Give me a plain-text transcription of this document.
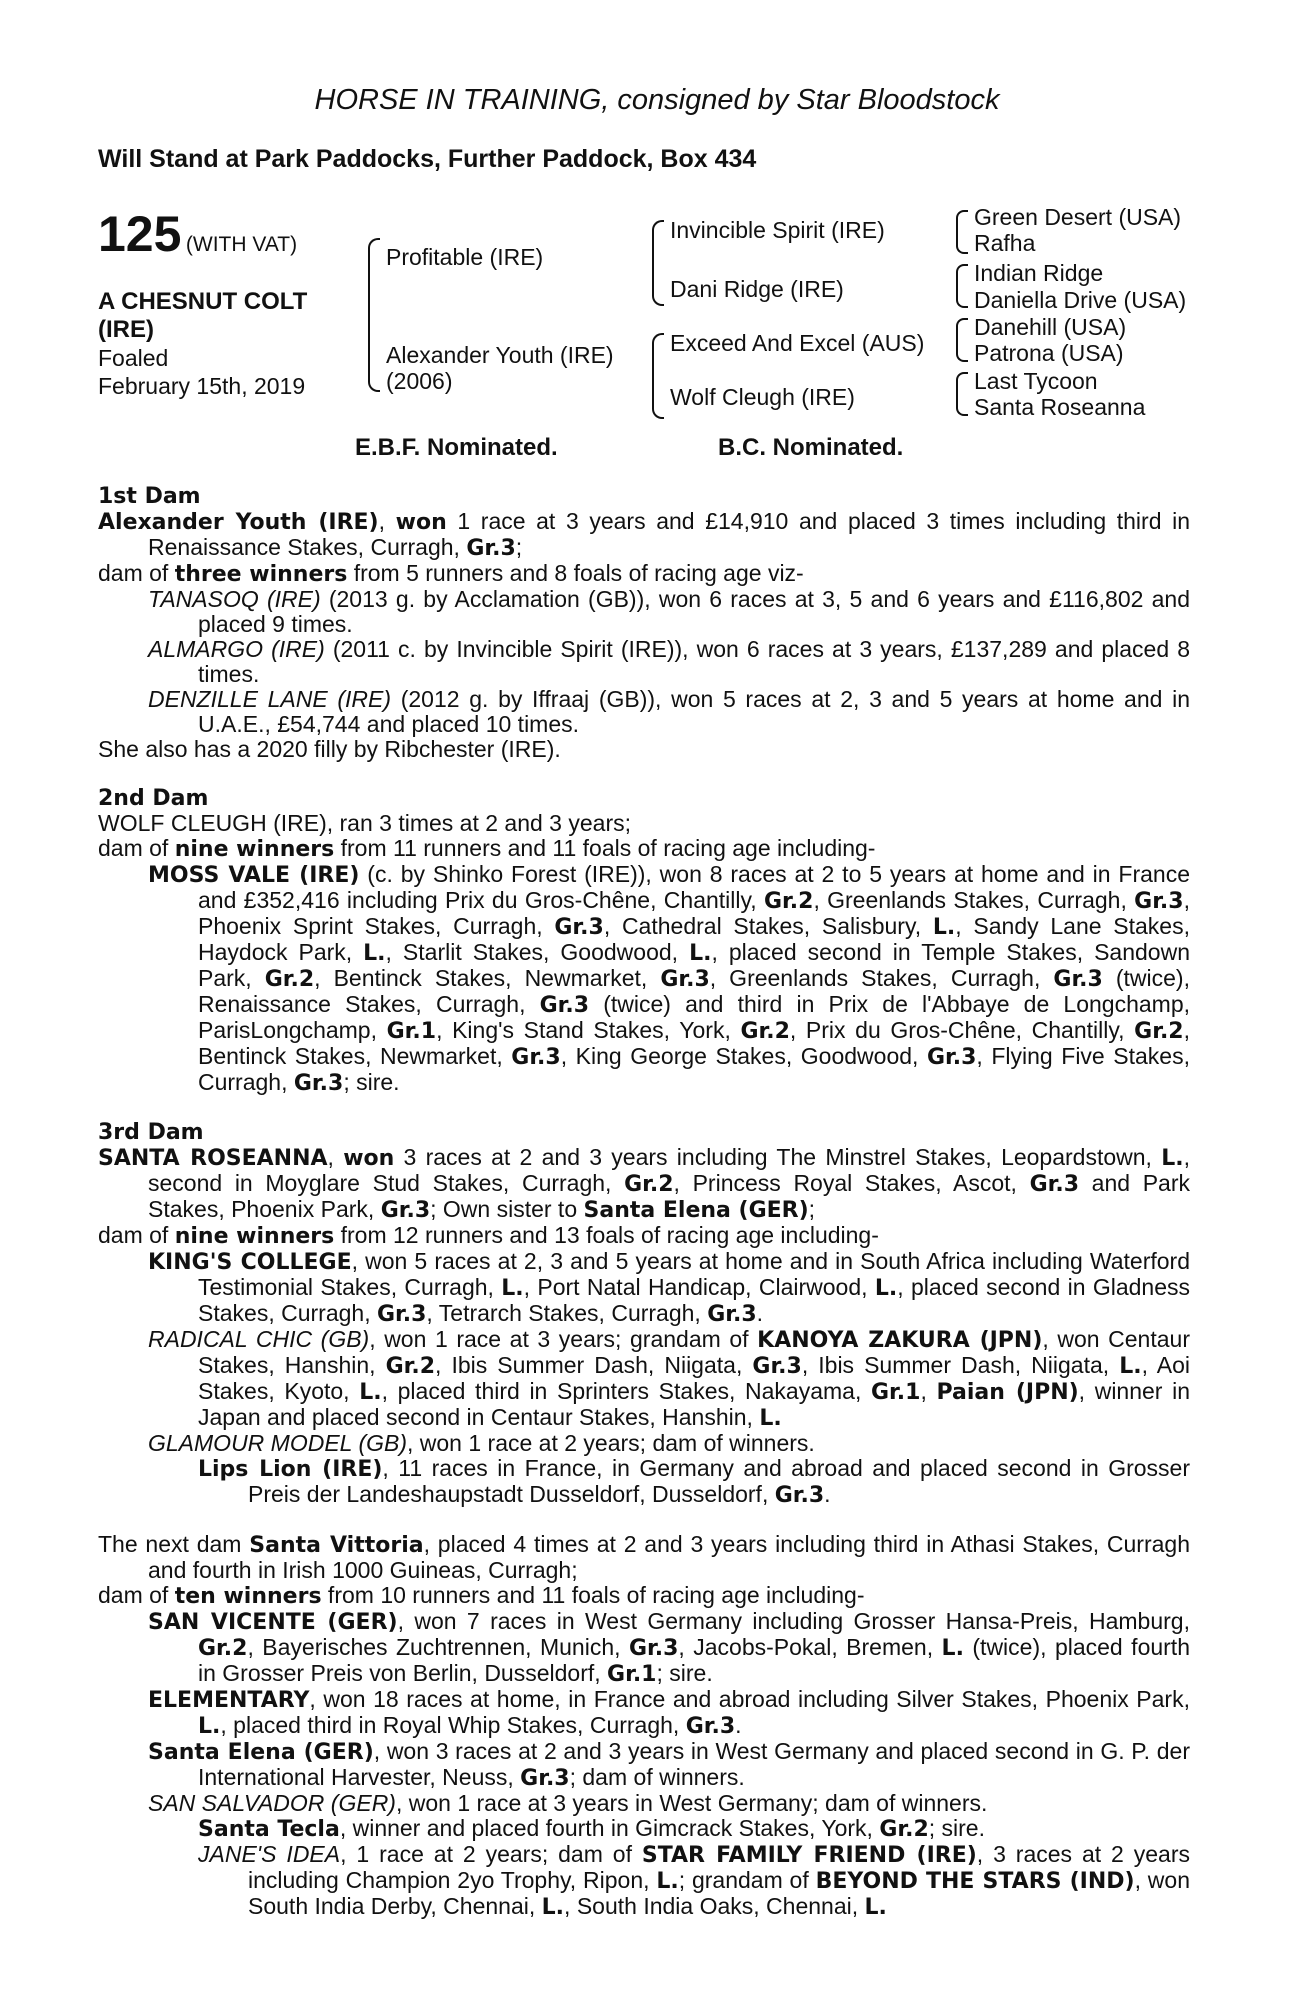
HORSE IN TRAINING, consigned by Star Bloodstock
Will Stand at Park Paddocks, Further Paddock, Box 434
125 (WITH VAT)
A CHESNUT COLT
(IRE)
Foaled
February 15th, 2019
Profitable (IRE)
Alexander Youth (IRE)
(2006)
Invincible Spirit (IRE)
Dani Ridge (IRE)
Exceed And Excel (AUS)
Wolf Cleugh (IRE)
Green Desert (USA)
Rafha
Indian Ridge
Daniella Drive (USA)
Danehill (USA)
Patrona (USA)
Last Tycoon
Santa Roseanna
E.B.F. Nominated.	B.C. Nominated.
1st Dam

Alexander Youth (IRE), won 1 race at 3 years and £14,910 and placed 3 times including third in Renaissance Stakes, Curragh, Gr.3;

dam of three winners from 5 runners and 8 foals of racing age viz-

TANASOQ (IRE) (2013 g. by Acclamation (GB)), won 6 races at 3, 5 and 6 years and £116,802 and placed 9 times.

ALMARGO (IRE) (2011 c. by Invincible Spirit (IRE)), won 6 races at 3 years, £137,289 and placed 8 times.

DENZILLE LANE (IRE) (2012 g. by Iffraaj (GB)), won 5 races at 2, 3 and 5 years at home and in U.A.E., £54,744 and placed 10 times.

She also has a 2020 filly by Ribchester (IRE).

2nd Dam

WOLF CLEUGH (IRE), ran 3 times at 2 and 3 years;

dam of nine winners from 11 runners and 11 foals of racing age including-

MOSS VALE (IRE) (c. by Shinko Forest (IRE)), won 8 races at 2 to 5 years at home and in France and £352,416 including Prix du Gros-Chêne, Chantilly, Gr.2, Greenlands Stakes, Curragh, Gr.3, Phoenix Sprint Stakes, Curragh, Gr.3, Cathedral Stakes, Salisbury, L., Sandy Lane Stakes, Haydock Park, L., Starlit Stakes, Goodwood, L., placed second in Temple Stakes, Sandown Park, Gr.2, Bentinck Stakes, Newmarket, Gr.3, Greenlands Stakes, Curragh, Gr.3 (twice), Renaissance Stakes, Curragh, Gr.3 (twice) and third in Prix de l'Abbaye de Longchamp, ParisLongchamp, Gr.1, King's Stand Stakes, York, Gr.2, Prix du Gros-Chêne, Chantilly, Gr.2, Bentinck Stakes, Newmarket, Gr.3, King George Stakes, Goodwood, Gr.3, Flying Five Stakes, Curragh, Gr.3; sire.

3rd Dam

SANTA ROSEANNA, won 3 races at 2 and 3 years including The Minstrel Stakes, Leopardstown, L., second in Moyglare Stud Stakes, Curragh, Gr.2, Princess Royal Stakes, Ascot, Gr.3 and Park Stakes, Phoenix Park, Gr.3; Own sister to Santa Elena (GER);

dam of nine winners from 12 runners and 13 foals of racing age including-

KING'S COLLEGE, won 5 races at 2, 3 and 5 years at home and in South Africa including Waterford Testimonial Stakes, Curragh, L., Port Natal Handicap, Clairwood, L., placed second in Gladness Stakes, Curragh, Gr.3, Tetrarch Stakes, Curragh, Gr.3.

RADICAL CHIC (GB), won 1 race at 3 years; grandam of KANOYA ZAKURA (JPN), won Centaur Stakes, Hanshin, Gr.2, Ibis Summer Dash, Niigata, Gr.3, Ibis Summer Dash, Niigata, L., Aoi Stakes, Kyoto, L., placed third in Sprinters Stakes, Nakayama, Gr.1, Paian (JPN), winner in Japan and placed second in Centaur Stakes, Hanshin, L.

GLAMOUR MODEL (GB), won 1 race at 2 years; dam of winners.

Lips Lion (IRE), 11 races in France, in Germany and abroad and placed second in Grosser Preis der Landeshaupstadt Dusseldorf, Dusseldorf, Gr.3.

The next dam Santa Vittoria, placed 4 times at 2 and 3 years including third in Athasi Stakes, Curragh and fourth in Irish 1000 Guineas, Curragh;

dam of ten winners from 10 runners and 11 foals of racing age including-

SAN VICENTE (GER), won 7 races in West Germany including Grosser Hansa-Preis, Hamburg, Gr.2, Bayerisches Zuchtrennen, Munich, Gr.3, Jacobs-Pokal, Bremen, L. (twice), placed fourth in Grosser Preis von Berlin, Dusseldorf, Gr.1; sire.

ELEMENTARY, won 18 races at home, in France and abroad including Silver Stakes, Phoenix Park, L., placed third in Royal Whip Stakes, Curragh, Gr.3.

Santa Elena (GER), won 3 races at 2 and 3 years in West Germany and placed second in G. P. der International Harvester, Neuss, Gr.3; dam of winners.

SAN SALVADOR (GER), won 1 race at 3 years in West Germany; dam of winners.

Santa Tecla, winner and placed fourth in Gimcrack Stakes, York, Gr.2; sire.

JANE'S IDEA, 1 race at 2 years; dam of STAR FAMILY FRIEND (IRE), 3 races at 2 years including Champion 2yo Trophy, Ripon, L.; grandam of BEYOND THE STARS (IND), won South India Derby, Chennai, L., South India Oaks, Chennai, L.
